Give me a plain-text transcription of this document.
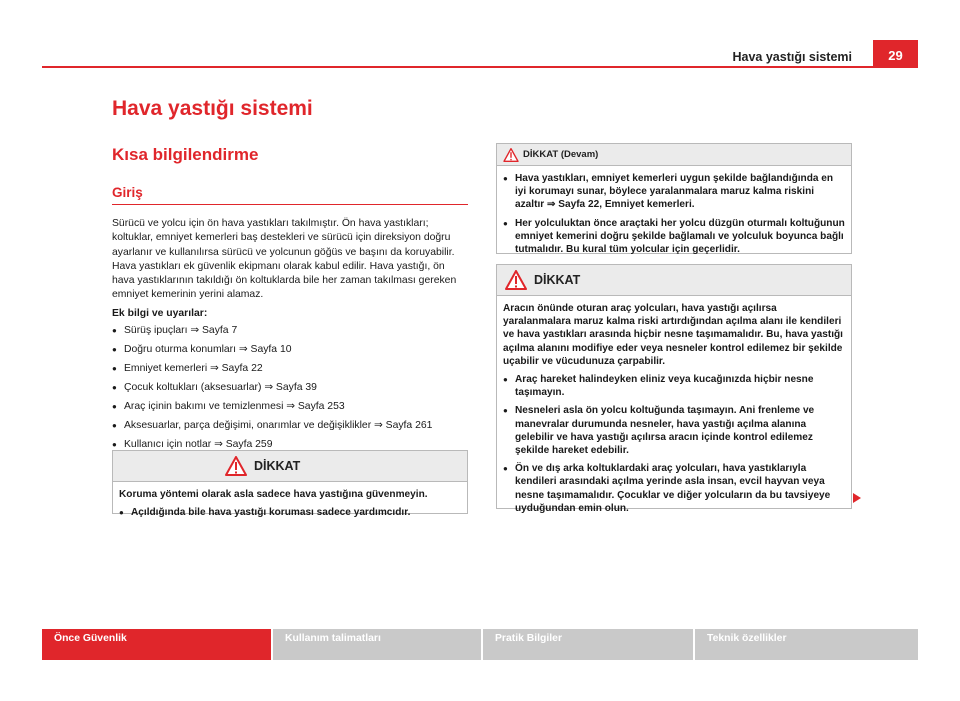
Hava yastığı sistemi	29
Hava yastığı sistemi
Kısa bilgilendirme
Giriş

Sürücü ve yolcu için ön hava yastıkları takılmıştır. Ön hava yastıkları; koltuklar, emniyet kemerleri baş destekleri ve sürücü için direksiyon doğru ayarlanır ve kullanılırsa sürücü ve yolcunun göğüs ve başını da koruyabilir. Hava yastıkları ek güvenlik ekipmanı olarak kabul edilir. Hava yastığı, ön hava yastıklarının takıldığı ön koltuklarda bile her zaman takılması gereken emniyet kemerinin yerini alamaz.

Ek bilgi ve uyarılar:

● Sürüş ipuçları ⇒ Sayfa 7
● Doğru oturma konumları ⇒ Sayfa 10
● Emniyet kemerleri ⇒ Sayfa 22
● Çocuk koltukları (aksesuarlar) ⇒ Sayfa 39
● Araç içinin bakımı ve temizlenmesi ⇒ Sayfa 253
● Aksesuarlar, parça değişimi, onarımlar ve değişiklikler ⇒ Sayfa 261
● Kullanıcı için notlar ⇒ Sayfa 259
DİKKAT

Koruma yöntemi olarak asla sadece hava yastığına güvenmeyin.

● Açıldığında bile hava yastığı koruması sadece yardımcıdır.

DİKKAT (Devam)

● Hava yastıkları, emniyet kemerleri uygun şekilde bağlandığında en iyi korumayı sunar, böylece yaralanmalara maruz kalma riskini azaltır ⇒ Sayfa 22, Emniyet kemerleri.

● Her yolculuktan önce araçtaki her yolcu düzgün oturmalı koltuğunun emniyet kemerini doğru şekilde bağlamalı ve yolculuk boyunca bağlı tutmalıdır. Bu kural tüm yolcular için geçerlidir.

DİKKAT

Aracın önünde oturan araç yolcuları, hava yastığı açılırsa yaralanmalara maruz kalma riski artırdığından açılma alanı ile kendileri ve hava yastıkları arasında hiçbir nesne taşımamalıdır. Bu, hava yastığı açılma alanını modifiye eder veya nesneler kontrol edilemez bir şekilde uçabilir ve vücudunuza çarpabilir.

● Araç hareket halindeyken eliniz veya kucağınızda hiçbir nesne taşımayın.

● Nesneleri asla ön yolcu koltuğunda taşımayın. Ani frenleme ve manevralar durumunda nesneler, hava yastığı açılma alanına gelebilir ve hava yastığı açılırsa aracın içinde kontrol edilemez şekilde hareket edebilir.

● Ön ve dış arka koltuklardaki araç yolcuları, hava yastıklarıyla kendileri arasındaki açılma yerinde asla insan, evcil hayvan veya nesne taşımamalıdır. Çocuklar ve diğer yolcuların da bu tavsiyeye uyduğundan emin olun.

Önce Güvenlik	Kullanım talimatları	Pratik Bilgiler	Teknik özellikler
